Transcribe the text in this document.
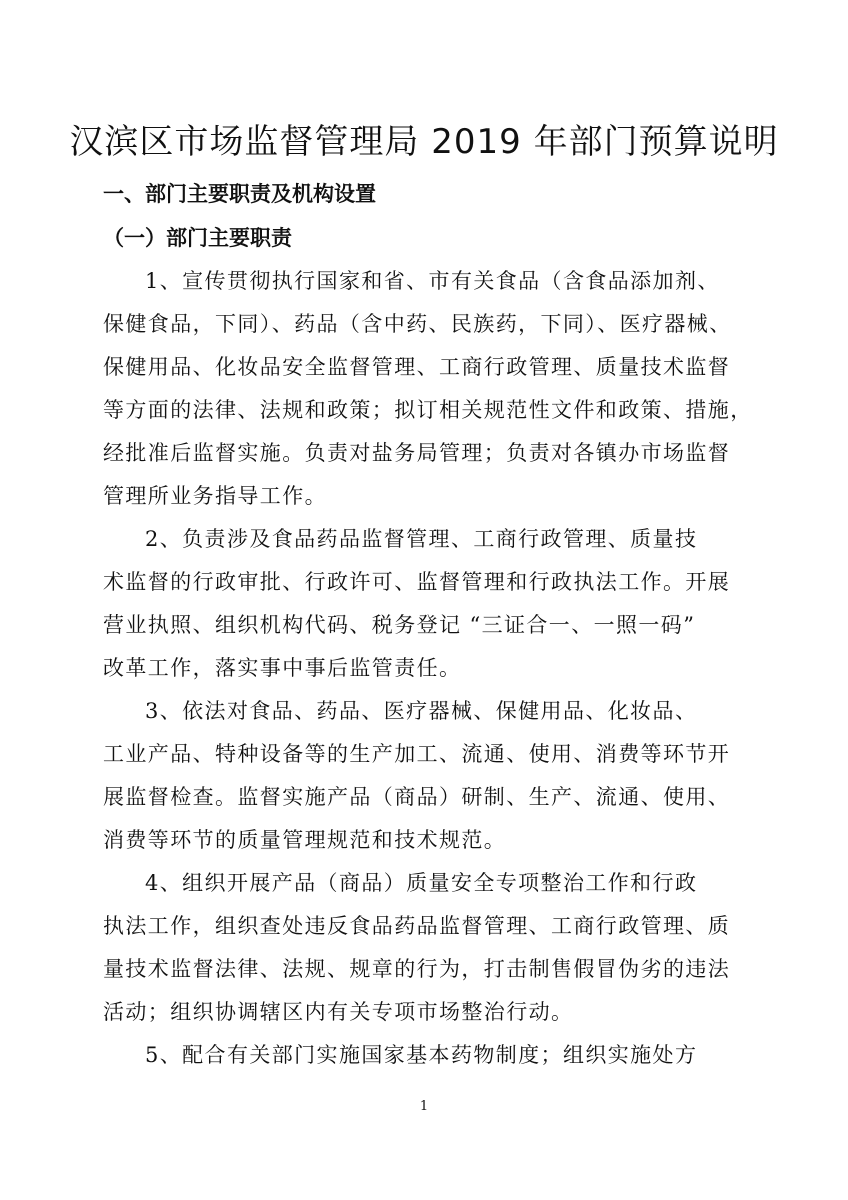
汉滨区市场监督管理局 2019 年部门预算说明
一、部门主要职责及机构设置
（一）部门主要职责
1、宣传贯彻执行国家和省、市有关食品（含食品添加剂、
保健食品，下同）、药品（含中药、民族药，下同）、医疗器械、
保健用品、化妆品安全监督管理、工商行政管理、质量技术监督
等方面的法律、法规和政策；拟订相关规范性文件和政策、措施，
经批准后监督实施。负责对盐务局管理；负责对各镇办市场监督
管理所业务指导工作。
2、负责涉及食品药品监督管理、工商行政管理、质量技
术监督的行政审批、行政许可、监督管理和行政执法工作。开展
营业执照、组织机构代码、税务登记 “三证合一、一照一码”
改革工作，落实事中事后监管责任。
3、依法对食品、药品、医疗器械、保健用品、化妆品、
工业产品、特种设备等的生产加工、流通、使用、消费等环节开
展监督检查。监督实施产品（商品）研制、生产、流通、使用、
消费等环节的质量管理规范和技术规范。
4、组织开展产品（商品）质量安全专项整治工作和行政
执法工作，组织查处违反食品药品监督管理、工商行政管理、质
量技术监督法律、法规、规章的行为，打击制售假冒伪劣的违法
活动；组织协调辖区内有关专项市场整治行动。
5、配合有关部门实施国家基本药物制度；组织实施处方
1
